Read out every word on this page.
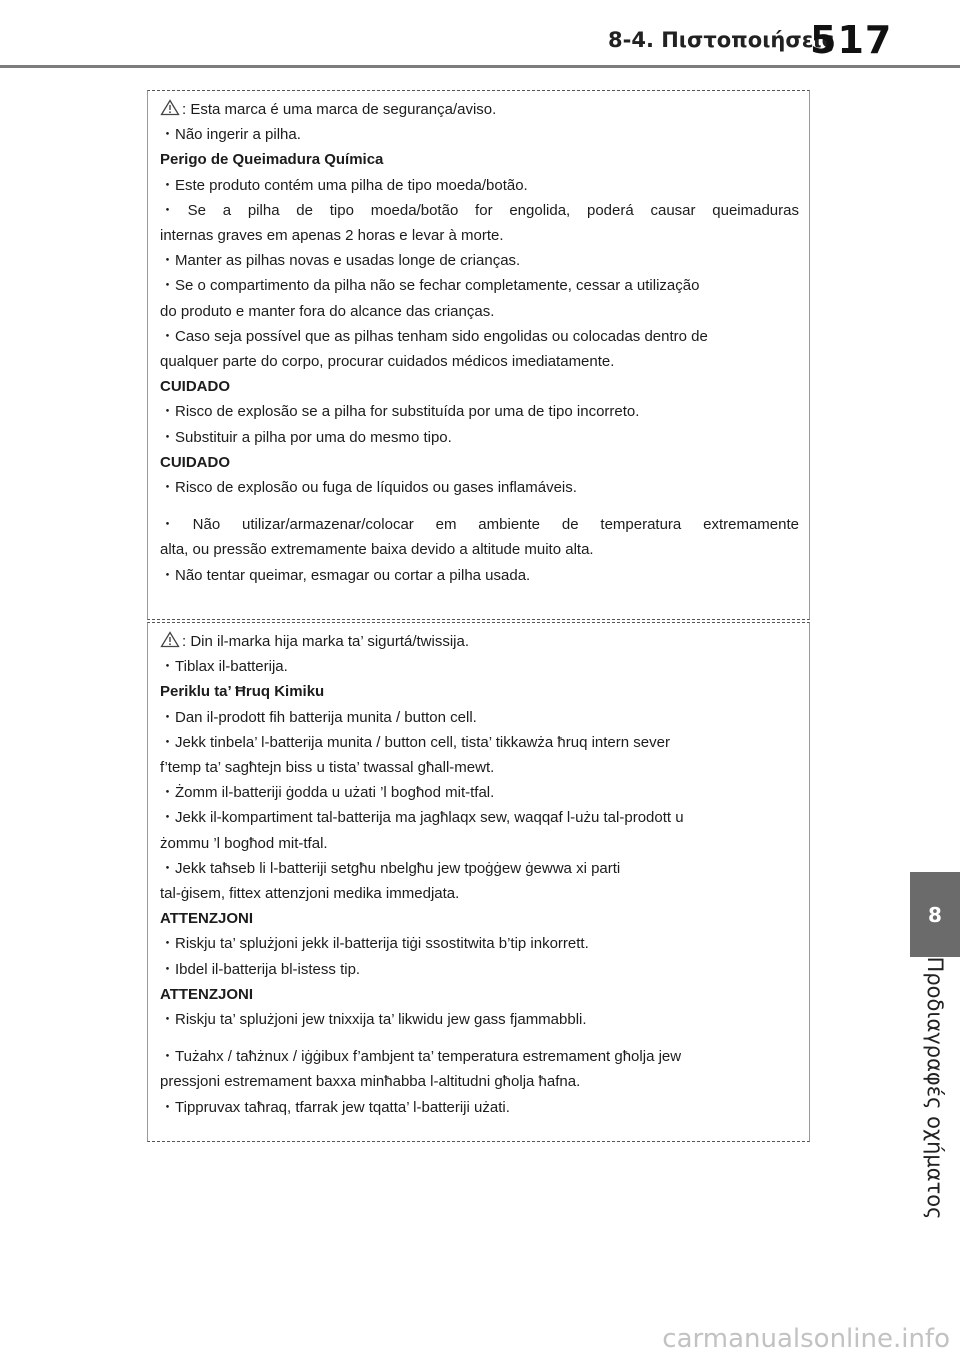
8-4. Πιστοποιήσεις
517
8
Προδιαγραφές οχήματος
: Esta marca é uma marca de segurança/aviso.
・Não ingerir a pilha.
Perigo de Queimadura Química
・Este produto contém uma pilha de tipo moeda/botão.
・Se a pilha de tipo moeda/botão for engolida, poderá causar queimaduras
internas graves em apenas 2 horas e levar à morte.
・Manter as pilhas novas e usadas longe de crianças.
・Se o compartimento da pilha não se fechar completamente, cessar a utilização
do produto e manter fora do alcance das crianças.
・Caso seja possível que as pilhas tenham sido engolidas ou colocadas dentro de
qualquer parte do corpo, procurar cuidados médicos imediatamente.
CUIDADO
・Risco de explosão se a pilha for substituída por uma de tipo incorreto.
・Substituir a pilha por uma do mesmo tipo.
CUIDADO
・Risco de explosão ou fuga de líquidos ou gases inflamáveis.
・Não utilizar/armazenar/colocar em ambiente de temperatura extremamente
alta, ou pressão extremamente baixa devido a altitude muito alta.
・Não tentar queimar, esmagar ou cortar a pilha usada.
: Din il-marka hija marka ta’ sigurtá/twissija.
・Tiblax il-batterija.
Periklu ta’ Ħruq Kimiku
・Dan il-prodott fih batterija munita / button cell.
・Jekk tinbela’ l-batterija munita / button cell, tista’ tikkawża ħruq intern sever
f’temp ta’ sagħtejn biss u tista’ twassal għall-mewt.
・Żomm il-batteriji ġodda u użati ’l bogħod mit-tfal.
・Jekk il-kompartiment tal-batterija ma jagħlaqx sew, waqqaf l-użu tal-prodott u
żommu ’l bogħod mit-tfal.
・Jekk taħseb li l-batteriji setgħu nbelgħu jew tpoġġew ġewwa xi parti
tal-ġisem, fittex attenzjoni medika immedjata.
ATTENZJONI
・Riskju ta’ splużjoni jekk il-batterija tiġi ssostitwita b’tip inkorrett.
・Ibdel il-batterija bl-istess tip.
ATTENZJONI
・Riskju ta’ splużjoni jew tnixxija ta’ likwidu jew gass fjammabbli.
・Tużahx / taħżnux / iġġibux f’ambjent ta’ temperatura estremament għolja jew
pressjoni estremament baxxa minħabba l-altitudni għolja ħafna.
・Tippruvax taħraq, tfarrak jew tqatta’ l-batteriji użati.
carmanualsonline.info
